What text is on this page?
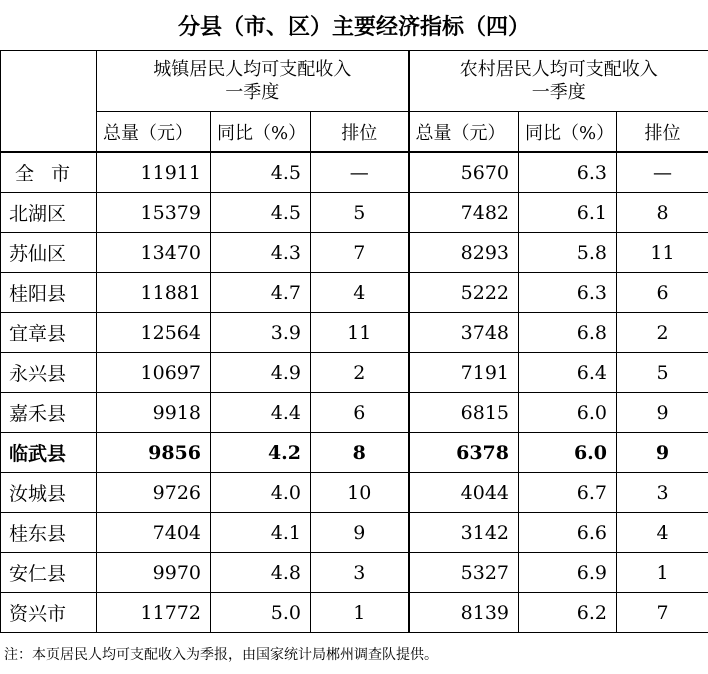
分县（市、区）主要经济指标（四）

	城镇居民人均可支配收入
一季度			农村居民人均可支配收入
一季度		

	总量（元）	同比（%）	排位	总量（元）	同比（%）	排位
全 市	11911	4.5	—	5670	6.3	—
北湖区	15379	4.5	5	7482	6.1	8
苏仙区	13470	4.3	7	8293	5.8	11
桂阳县	11881	4.7	4	5222	6.3	6
宜章县	12564	3.9	11	3748	6.8	2
永兴县	10697	4.9	2	7191	6.4	5
嘉禾县	9918	4.4	6	6815	6.0	9
临武县	9856	4.2	8	6378	6.0	9
汝城县	9726	4.0	10	4044	6.7	3
桂东县	7404	4.1	9	3142	6.6	4
安仁县	9970	4.8	3	5327	6.9	1
资兴市	11772	5.0	1	8139	6.2	7
注：本页居民人均可支配收入为季报，由国家统计局郴州调查队提供。
